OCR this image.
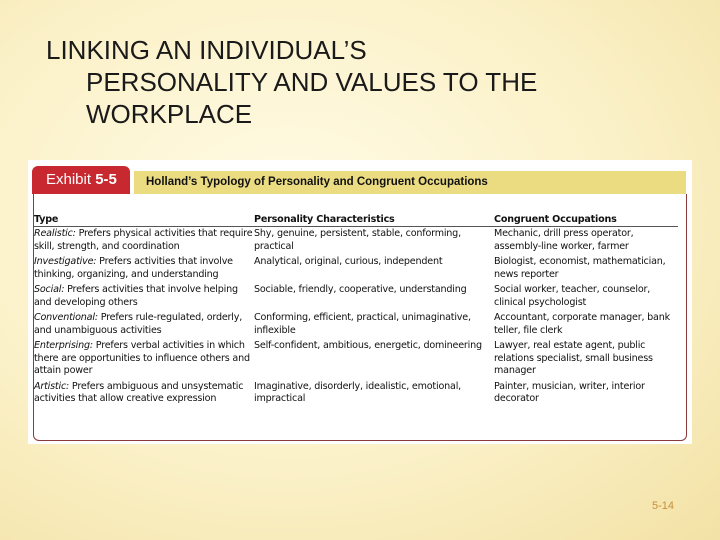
LINKING AN INDIVIDUAL’S
PERSONALITY AND VALUES TO THE
WORKPLACE
Exhibit 5-5	Holland’s Typology of Personality and Congruent Occupations
Type	Personality Characteristics	Congruent Occupations
Realistic: Prefers physical activities that require skill, strength, and coordination	Shy, genuine, persistent, stable, conforming, practical	Mechanic, drill press operator, assembly-line worker, farmer
Investigative: Prefers activities that involve thinking, organizing, and understanding	Analytical, original, curious, independent	Biologist, economist, mathematician, news reporter
Social: Prefers activities that involve helping and developing others	Sociable, friendly, cooperative, understanding	Social worker, teacher, counselor, clinical psychologist
Conventional: Prefers rule-regulated, orderly, and unambiguous activities	Conforming, efficient, practical, unimaginative, inflexible	Accountant, corporate manager, bank teller, file clerk
Enterprising: Prefers verbal activities in which there are opportunities to influence others and attain power	Self-confident, ambitious, energetic, domineering	Lawyer, real estate agent, public relations specialist, small business manager
Artistic: Prefers ambiguous and unsystematic activities that allow creative expression	Imaginative, disorderly, idealistic, emotional, impractical	Painter, musician, writer, interior decorator
5-14
